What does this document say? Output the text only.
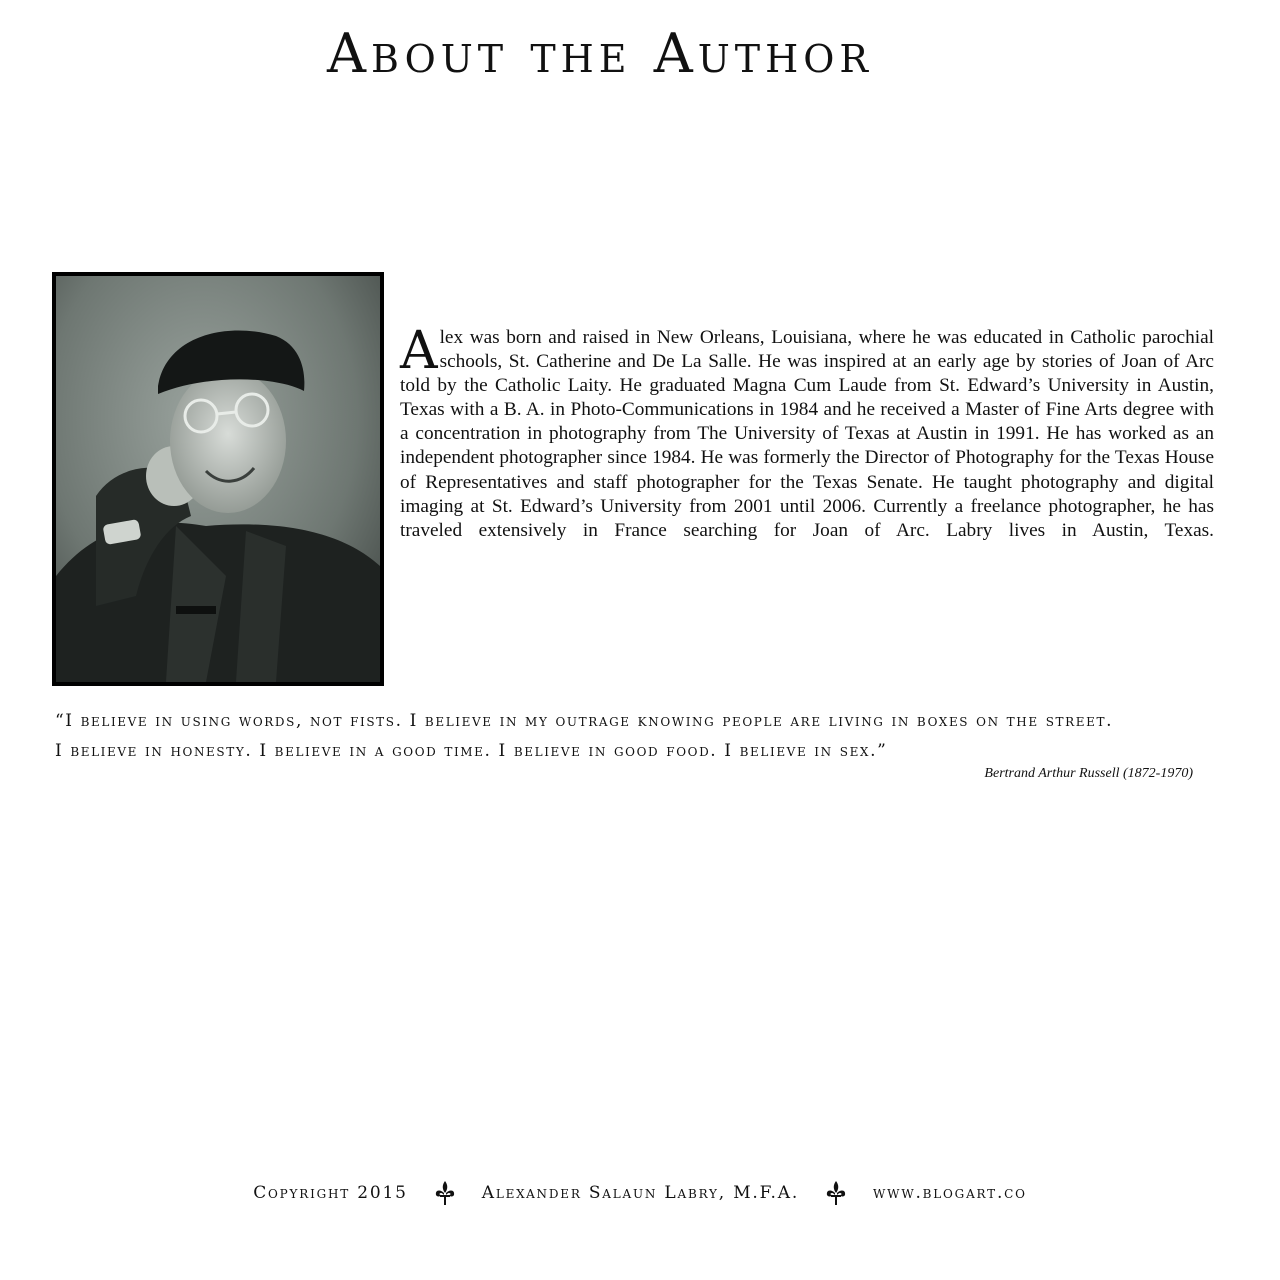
About the Author

Alex was born and raised in New Orleans, Louisiana, where he was educated in Catholic parochial schools, St. Catherine and De La Salle. He was inspired at an early age by stories of Joan of Arc told by the Catholic Laity. He graduated Magna Cum Laude from St. Edward’s University in Austin, Texas with a B. A. in Photo-Communications in 1984 and he received a Master of Fine Arts degree with a concentration in photography from The University of Texas at Austin in 1991. He has worked as an independent photographer since 1984. He was formerly the Director of Photography for the Texas House of Representatives and staff photographer for the Texas Senate. He taught photography and digital imaging at St. Edward’s University from 2001 until 2006. Currently a freelance photographer, he has traveled extensively in France searching for Joan of Arc. Labry lives in Austin, Texas.

“I believe in using words, not fists. I believe in my outrage knowing people are living in boxes on the street.
I believe in honesty. I believe in a good time. I believe in good food. I believe in sex.”

Bertrand Arthur Russell (1872-1970)
Copyright 2015	Alexander Salaun Labry, M.F.A.	www.blogart.co
